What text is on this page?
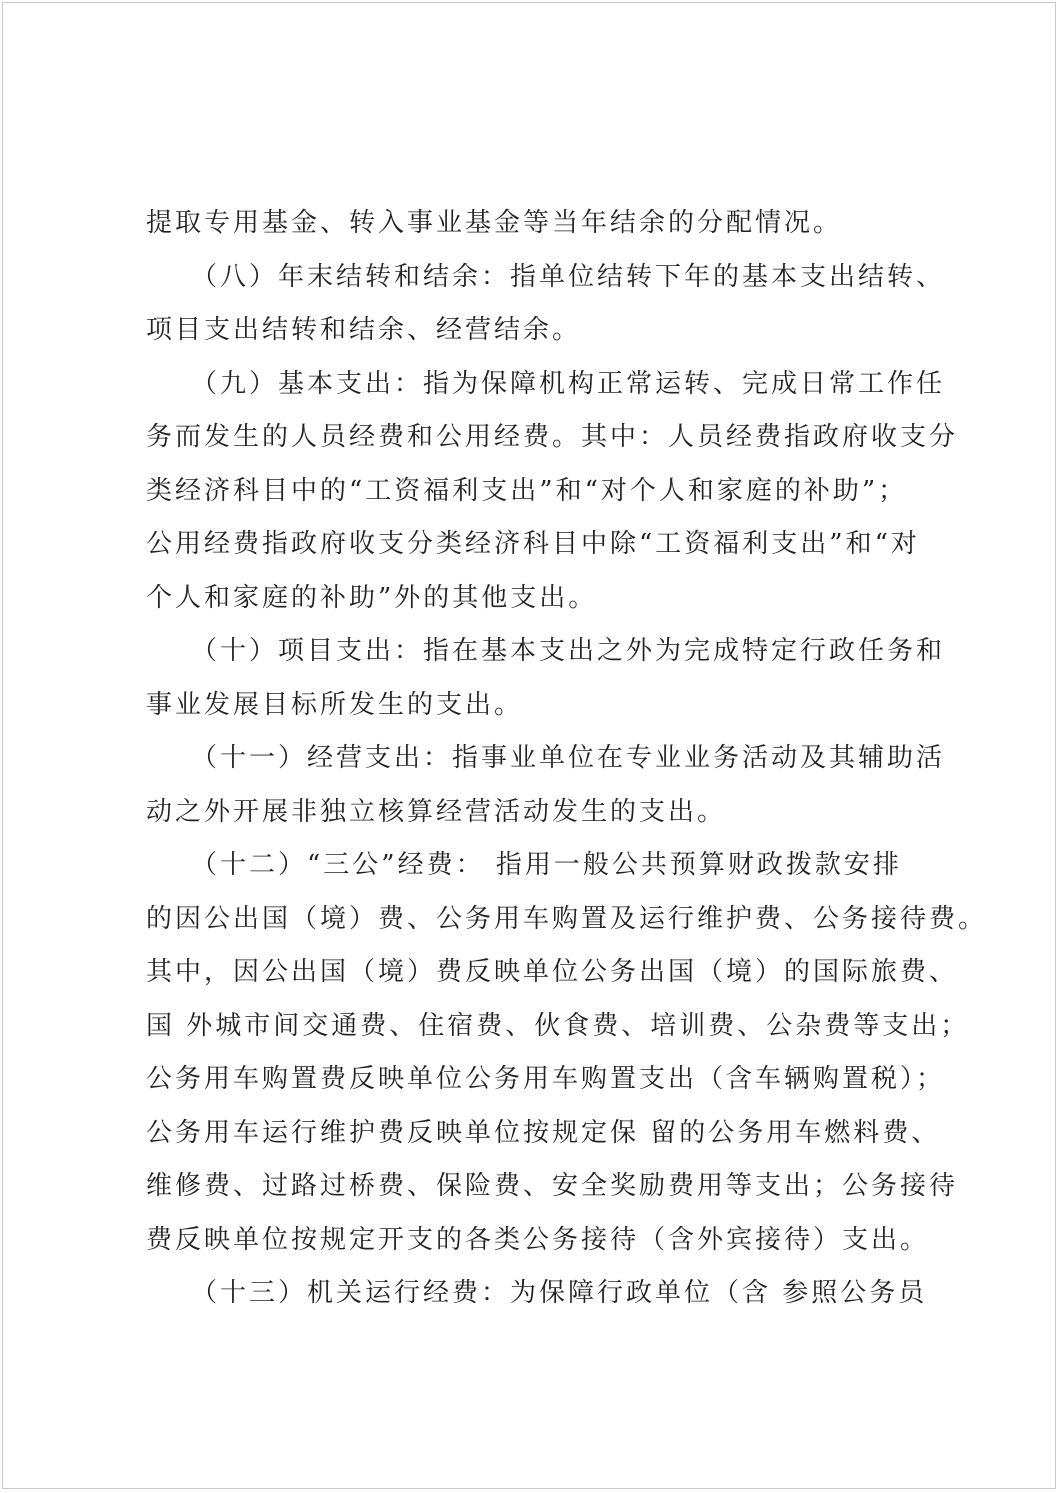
提取专用基金、转入事业基金等当年结余的分配情况。
　　（八）年末结转和结余：指单位结转下年的基本支出结转、
项目支出结转和结余、经营结余。
　　（九）基本支出：指为保障机构正常运转、完成日常工作任
务而发生的人员经费和公用经费。其中：人员经费指政府收支分
类经济科目中的“工资福利支出”和“对个人和家庭的补助”；
公用经费指政府收支分类经济科目中除“工资福利支出”和“对
个人和家庭的补助”外的其他支出。
　　（十）项目支出：指在基本支出之外为完成特定行政任务和
事业发展目标所发生的支出。
　　（十一）经营支出：指事业单位在专业业务活动及其辅助活
动之外开展非独立核算经营活动发生的支出。
　　（十二）“三公”经费： 指用一般公共预算财政拨款安排
的因公出国（境）费、公务用车购置及运行维护费、公务接待费。
其中，因公出国（境）费反映单位公务出国（境）的国际旅费、
国 外城市间交通费、住宿费、伙食费、培训费、公杂费等支出；
公务用车购置费反映单位公务用车购置支出（含车辆购置税）；
公务用车运行维护费反映单位按规定保 留的公务用车燃料费、
维修费、过路过桥费、保险费、安全奖励费用等支出；公务接待
费反映单位按规定开支的各类公务接待（含外宾接待）支出。
　　（十三）机关运行经费：为保障行政单位（含 参照公务员
